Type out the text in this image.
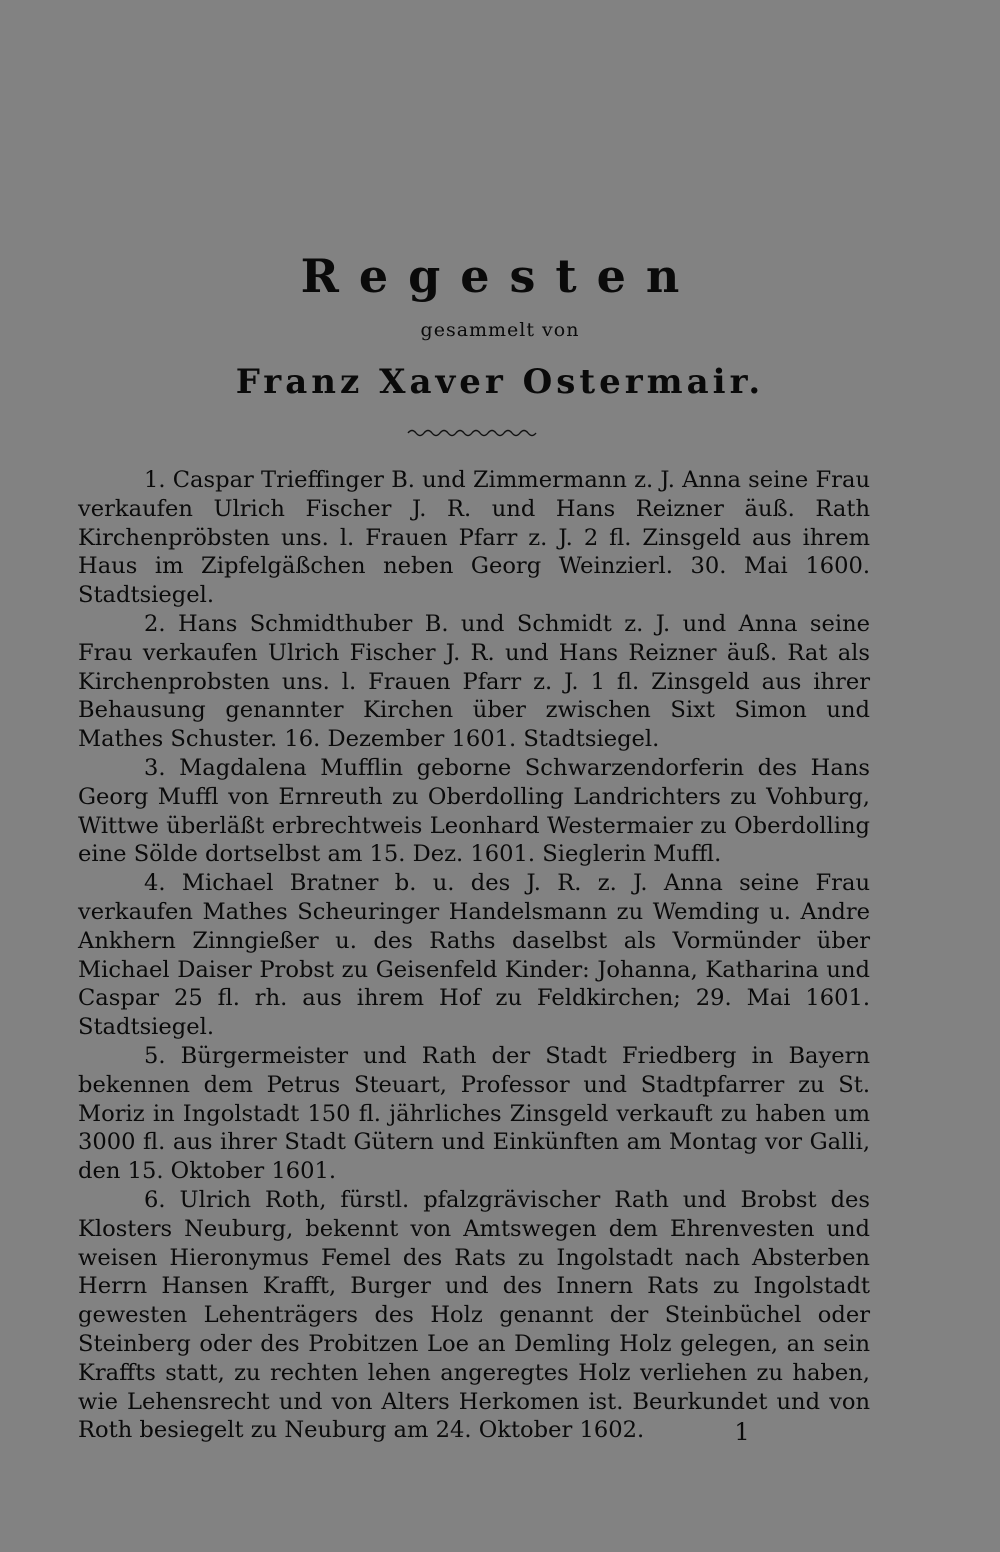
Regesten
gesammelt von
Franz Xaver Ostermair.

1. Caspar Trieffinger B. und Zimmermann z. J. Anna seine Frau verkaufen Ulrich Fischer J. R. und Hans Reizner äuß. Rath Kirchenpröbsten uns. l. Frauen Pfarr z. J. 2 fl. Zinsgeld aus ihrem Haus im Zipfelgäßchen neben Georg Weinzierl. 30. Mai 1600. Stadtsiegel.

2. Hans Schmidthuber B. und Schmidt z. J. und Anna seine Frau verkaufen Ulrich Fischer J. R. und Hans Reizner äuß. Rat als Kirchenprobsten uns. l. Frauen Pfarr z. J. 1 fl. Zinsgeld aus ihrer Behausung genannter Kirchen über zwischen Sixt Simon und Mathes Schuster. 16. Dezember 1601. Stadtsiegel.

3. Magdalena Mufflin geborne Schwarzendorferin des Hans Georg Muffl von Ernreuth zu Oberdolling Landrichters zu Vohburg, Wittwe überläßt erbrechtweis Leonhard Westermaier zu Oberdolling eine Sölde dortselbst am 15. Dez. 1601. Sieglerin Muffl.

4. Michael Bratner b. u. des J. R. z. J. Anna seine Frau verkaufen Mathes Scheuringer Handelsmann zu Wemding u. Andre Ankhern Zinngießer u. des Raths daselbst als Vormünder über Michael Daiser Probst zu Geisenfeld Kinder: Johanna, Katharina und Caspar 25 fl. rh. aus ihrem Hof zu Feldkirchen; 29. Mai 1601. Stadtsiegel.

5. Bürgermeister und Rath der Stadt Friedberg in Bayern bekennen dem Petrus Steuart, Professor und Stadtpfarrer zu St. Moriz in Ingolstadt 150 fl. jährliches Zinsgeld verkauft zu haben um 3000 fl. aus ihrer Stadt Gütern und Einkünften am Montag vor Galli, den 15. Oktober 1601.

6. Ulrich Roth, fürstl. pfalzgrävischer Rath und Brobst des Klosters Neuburg, bekennt von Amtswegen dem Ehrenvesten und weisen Hieronymus Femel des Rats zu Ingolstadt nach Absterben Herrn Hansen Krafft, Burger und des Innern Rats zu Ingolstadt gewesten Lehenträgers des Holz genannt der Steinbüchel oder Steinberg oder des Probitzen Loe an Demling Holz gelegen, an sein Kraffts statt, zu rechten lehen angeregtes Holz verliehen zu haben, wie Lehensrecht und von Alters Herkomen ist. Beurkundet und von Roth besiegelt zu Neuburg am 24. Oktober 1602.	1
